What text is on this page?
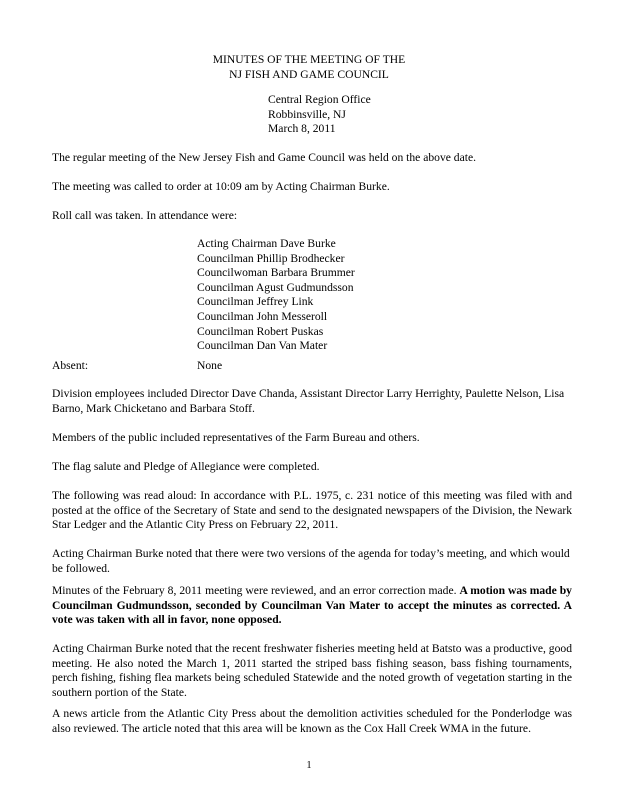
MINUTES OF THE MEETING OF THE
NJ FISH AND GAME COUNCIL
Central Region Office
Robbinsville, NJ
March 8, 2011

The regular meeting of the New Jersey Fish and Game Council was held on the above date.

The meeting was called to order at 10:09 am by Acting Chairman Burke.

Roll call was taken. In attendance were:

Acting Chairman Dave Burke
Councilman Phillip Brodhecker
Councilwoman Barbara Brummer
Councilman Agust Gudmundsson
Councilman Jeffrey Link
Councilman John Messeroll
Councilman Robert Puskas
Councilman Dan Van Mater
Absent:	None

Division employees included Director Dave Chanda, Assistant Director Larry Herrighty, Paulette Nelson, Lisa Barno, Mark Chicketano and Barbara Stoff.

Members of the public included representatives of the Farm Bureau and others.

The flag salute and Pledge of Allegiance were completed.

The following was read aloud: In accordance with P.L. 1975, c. 231 notice of this meeting was filed with and posted at the office of the Secretary of State and send to the designated newspapers of the Division, the Newark Star Ledger and the Atlantic City Press on February 22, 2011.

Acting Chairman Burke noted that there were two versions of the agenda for today’s meeting, and which would be followed.

Minutes of the February 8, 2011 meeting were reviewed, and an error correction made. A motion was made by Councilman Gudmundsson, seconded by Councilman Van Mater to accept the minutes as corrected. A vote was taken with all in favor, none opposed.

Acting Chairman Burke noted that the recent freshwater fisheries meeting held at Batsto was a productive, good meeting. He also noted the March 1, 2011 started the striped bass fishing season, bass fishing tournaments, perch fishing, fishing flea markets being scheduled Statewide and the noted growth of vegetation starting in the southern portion of the State.

A news article from the Atlantic City Press about the demolition activities scheduled for the Ponderlodge was also reviewed. The article noted that this area will be known as the Cox Hall Creek WMA in the future.

1
